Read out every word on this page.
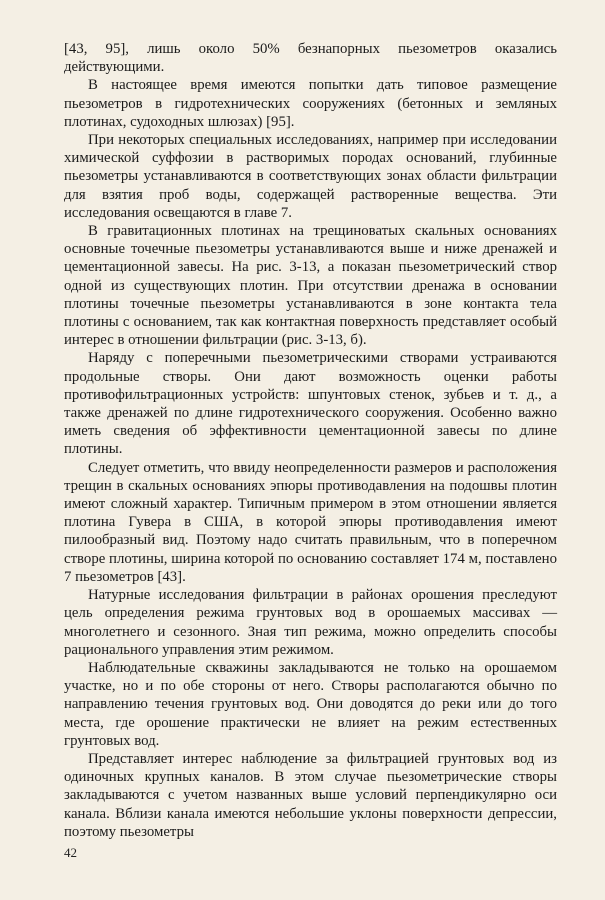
[43, 95], лишь около 50% безнапорных пьезометров оказались действующими.

В настоящее время имеются попытки дать типовое размещение пьезометров в гидротехнических сооружениях (бетонных и земляных плотинах, судоходных шлюзах) [95].

При некоторых специальных исследованиях, например при исследовании химической суффозии в растворимых породах оснований, глубинные пьезометры устанавливаются в соответствующих зонах области фильтрации для взятия проб воды, содержащей растворенные вещества. Эти исследования освещаются в главе 7.

В гравитационных плотинах на трещиноватых скальных основаниях основные точечные пьезометры устанавливаются выше и ниже дренажей и цементационной завесы. На рис. 3-13, а показан пьезометрический створ одной из существующих плотин. При отсутствии дренажа в основании плотины точечные пьезометры устанавливаются в зоне контакта тела плотины с основанием, так как контактная поверхность представляет особый интерес в отношении фильтрации (рис. 3-13, б).

Наряду с поперечными пьезометрическими створами устраиваются продольные створы. Они дают возможность оценки работы противофильтрационных устройств: шпунтовых стенок, зубьев и т. д., а также дренажей по длине гидротехнического сооружения. Особенно важно иметь сведения об эффективности цементационной завесы по длине плотины.

Следует отметить, что ввиду неопределенности размеров и расположения трещин в скальных основаниях эпюры противодавления на подошвы плотин имеют сложный характер. Типичным примером в этом отношении является плотина Гувера в США, в которой эпюры противодавления имеют пилообразный вид. Поэтому надо считать правильным, что в поперечном створе плотины, ширина которой по основанию составляет 174 м, поставлено 7 пьезометров [43].

Натурные исследования фильтрации в районах орошения преследуют цель определения режима грунтовых вод в орошаемых массивах — многолетнего и сезонного. Зная тип режима, можно определить способы рационального управления этим режимом.

Наблюдательные скважины закладываются не только на орошаемом участке, но и по обе стороны от него. Створы располагаются обычно по направлению течения грунтовых вод. Они доводятся до реки или до того места, где орошение практически не влияет на режим естественных грунтовых вод.

Представляет интерес наблюдение за фильтрацией грунтовых вод из одиночных крупных каналов. В этом случае пьезометрические створы закладываются с учетом названных выше условий перпендикулярно оси канала. Вблизи канала имеются небольшие уклоны поверхности депрессии, поэтому пьезометры

42
